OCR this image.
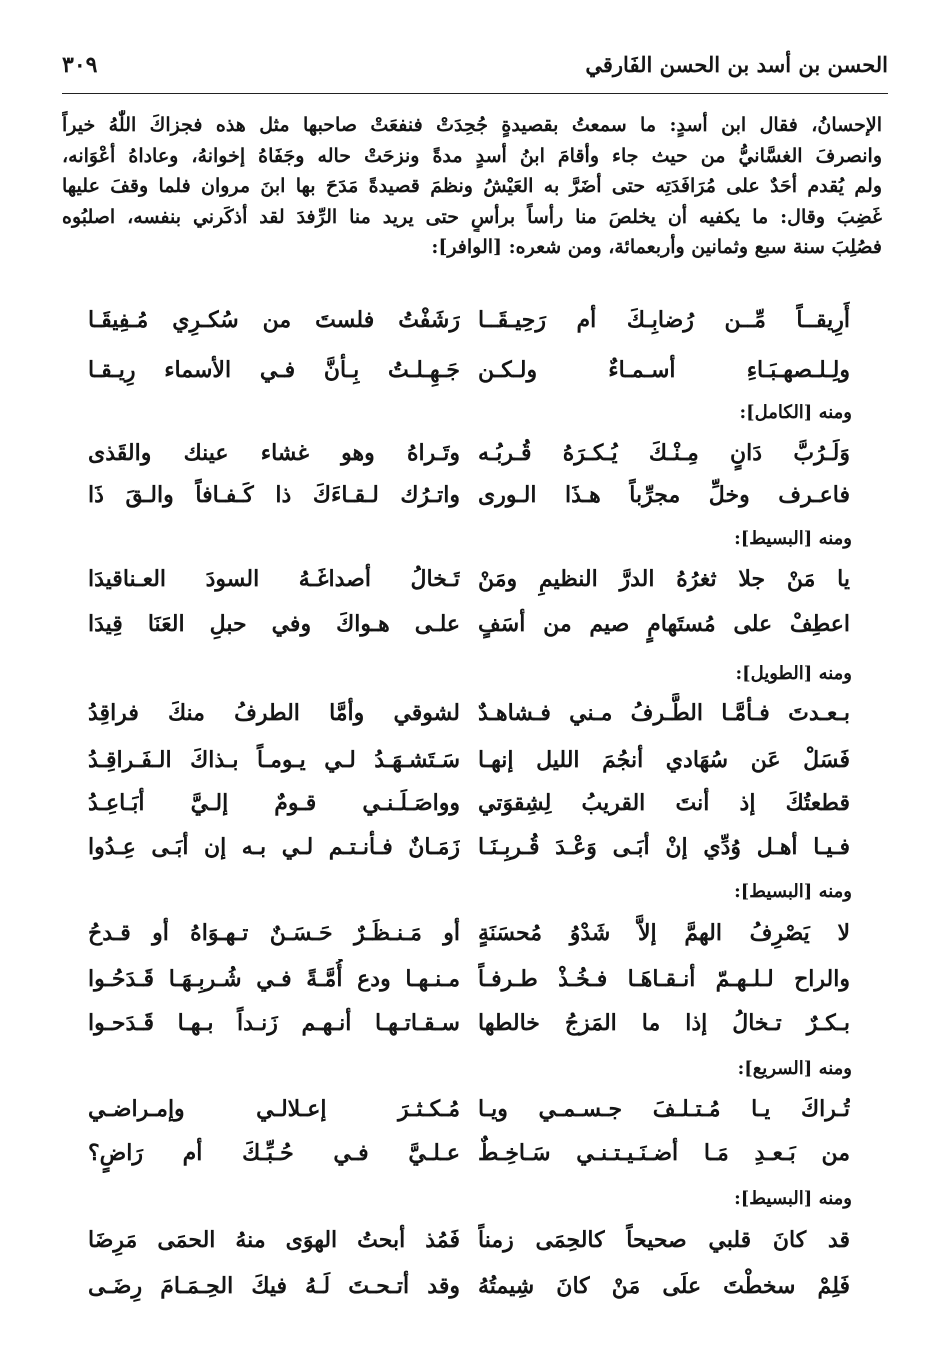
الحسن بن أسد بن الحسن الفَارقي
٣٠٩
الإحسانُ، فقال ابن أسدٍ: ما سمعتُ بقصيدةٍ جُحِدَتْ فنفعَتْ صاحبها مثل هذه فجزاكَ اللّٰهُ خيراً
وانصرفَ الغسَّانيُّ من حيث جاء وأقامَ ابنُ أسدٍ مدةً ونزحَتْ حاله وجَفَاهُ إخوانهُ، وعاداهُ أعْوَانه،
ولم يُقدم أحَدٌ على مُرَافَدَتِه حتى أضَرَّ به العَيْشُ ونظمَ قصيدةً مَدَحَ بها ابنَ مروان فلما وقفَ عليها
غَضِبَ وقال: ما يكفيه أن يخلصَ منا رأساً برأسٍ حتى يريد منا الرِّفدَ لقد أذكَرني بنفسه، اصلبُوه
فصُلِبَ سنة سبع وثمانين وأربعمائة، ومن شعره: [الوافر]:
أَرِيقــاً مِّــن رُضابِـكَ أم رَحِيـقَــا
رَشَفْتُ فلستَ من سُكـرِي مُـفِيقَـا
ولِـلـصهـبَـاءِ أسـمـاءٌ ولـكـن
جَـهِـلـتُ بِـأنَّ فـي الأسماء رِيـقـا
ومنه [الكامل]:
وَلَـرُبَّ دَانٍ مِـنْـكَ يُـكـرَهُ قُـربُـه
وتَـراهُ وهو غشاء عينك والقَذى
فاعـرف وخلِّ مجرِّباً هـذَا الـورى
واتـرُك لـقـاءَكَ ذا كَـفـافاً والـقَ ذَا
ومنه [البسيط]:
يا مَنْ جلا ثغرُهُ الدرَّ النظيمِ ومَنْ
تَـخالُ أصداغَـهُ السودَ العـناقيدَا
اعطِفْ على مُستَهامٍ صيم من أسَفٍ
علـى هـواكَ وفي حبلِ العَنَا قِيدَا
ومنه [الطويل]:
بـعـدتَ فـأمَّـا الطَّـرفُ مـني فـشاهـدٌ
لشوقي وأمَّا الطرفُ منكَ فراقِدُ
فَسَلْ عَن سُهَادي أنجُمَ الليل إنهـا
سَـتَشـهَـدُ لـي يـومـاً بـذاكَ الـفَـراقِـدُ
قطعتُكَ إذ أنتَ القريبُ لِشِقوَتي
وواصَـلَـنـي قـومٌ إلـيَّ أبَـاعِـدُ
فـيـا أهـل وُدِّي إنْ أبَـى وَعْـدَ قُـربِـنَـا
زَمَـانٌ فـأنـتـم لـي بـه إن أبَـى عِـدُوا
ومنه [البسيط]:
لا يَصْرِفُ الهمَّ إلاَّ شَدْوُ مُحسَنَةٍ
أو مَـنـظَـرٌ حَـسَـنٌ تـهـوَاهُ أو قـدحُ
والراح لـلـهـمّ أنـقـاهَـا فـخُـذْ طـرفـاً
مـنـهـا ودع أُمَّـةً فـي شُـربِـهَـا قَـدَحُـوا
بـكـرٌ تـخالُ إذا ما المَزجُ خالطها
سـقـاتـهـا أنـهـم زَنـداً بـهـا قَـدَحـوا
ومنه [السريع]:
تُـراكَ يـا مُـتـلـفَ جـسـمـي ويـا
مُـكـثـرَ إعـلالـي وإمـراضـي
من بَـعـدِ مَـا أضـنَـيـتـنـي سَـاخِـطٌ
عـلـيَّ فـي حُـبِّـكَ أم رَاضٍ؟
ومنه [البسيط]:
قد كانَ قلبي صحيحاً كالحِمَى زمناً
فَمُذ أبحتُ الهوَى منهُ الحمَى مَرِضَا
فَلِمْ سخطْتَ علَى مَنْ كانَ شِيمتُهُ
وقد أتـحـتَ لَـهُ فيكَ الحِـمَـامَ رِضَـى
